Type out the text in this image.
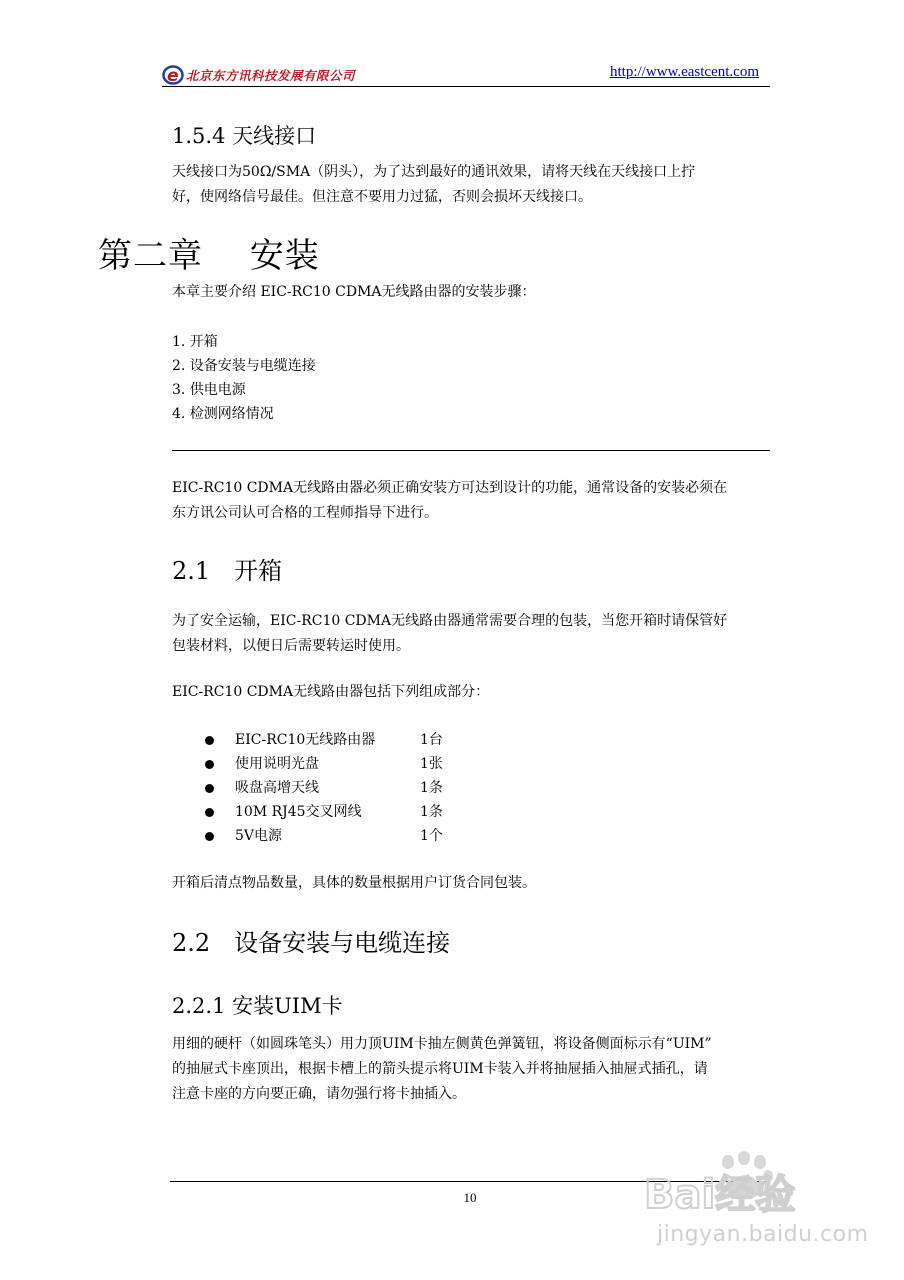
e 北京东方讯科技发展有限公司	http://www.eastcent.com
1.5.4 天线接口
天线接口为50Ω/SMA（阴头），为了达到最好的通讯效果，请将天线在天线接口上拧
好，使网络信号最佳。但注意不要用力过猛，否则会损坏天线接口。
第二章　 安装
本章主要介绍 EIC-RC10 CDMA无线路由器的安装步骤：
1. 开箱
2. 设备安装与电缆连接
3. 供电电源
4. 检测网络情况
EIC-RC10 CDMA无线路由器必须正确安装方可达到设计的功能，通常设备的安装必须在
东方讯公司认可合格的工程师指导下进行。
2.1　开箱
为了安全运输，EIC-RC10 CDMA无线路由器通常需要合理的包装，当您开箱时请保管好
包装材料，以便日后需要转运时使用。
EIC-RC10 CDMA无线路由器包括下列组成部分：
EIC-RC10无线路由器	1台
使用说明光盘	1张
吸盘高增天线	1条
10M RJ45交叉网线	1条
5V电源	1个
开箱后清点物品数量，具体的数量根据用户订货合同包装。
2.2　设备安装与电缆连接
2.2.1 安装UIM卡
用细的硬杆（如圆珠笔头）用力顶UIM卡抽左侧黄色弹簧钮，将设备侧面标示有“UIM”
的抽屉式卡座顶出，根据卡槽上的箭头提示将UIM卡装入并将抽屉插入抽屉式插孔，请
注意卡座的方向要正确，请勿强行将卡抽插入。
10	Bai经验
jingyan.baidu.com
